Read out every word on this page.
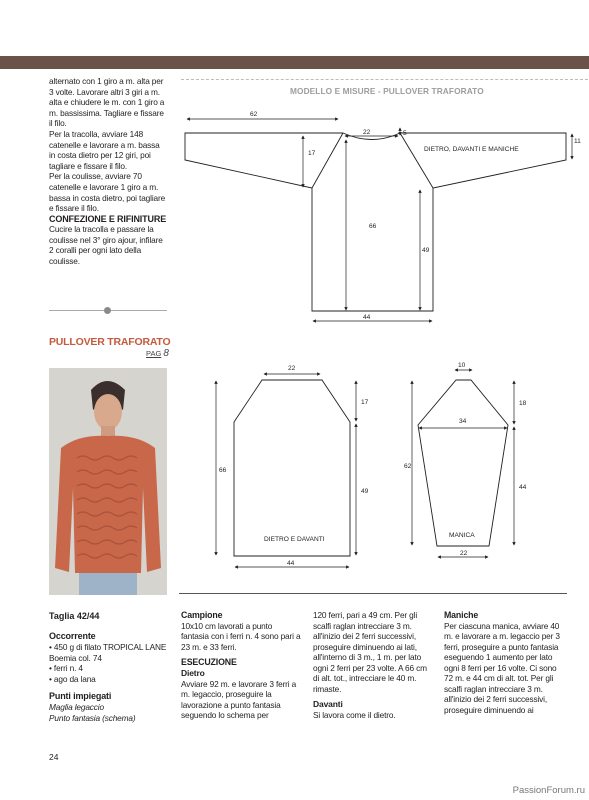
alternato con 1 giro a m. alta per 3 volte. Lavorare altri 3 giri a m. alta e chiudere le m. con 1 giro a m. bassissima. Tagliare e fissare il filo.

Per la tracolla, avviare 148 catenelle e lavorare a m. bassa in costa dietro per 12 giri, poi tagliare e fissare il filo.

Per la coulisse, avviare 70 catenelle e lavorare 1 giro a m. bassa in costa dietro, poi tagliare e fissare il filo.

CONFEZIONE E RIFINITURE

Cucire la tracolla e passare la coulisse nel 3° giro ajour, infilare 2 coralli per ogni lato della coulisse.

PULLOVER TRAFORATO
PAG 8
MODELLO E MISURE - PULLOVER TRAFORATO
62
22	5
11
17
66
49
44
DIETRO, DAVANTI E MANICHE
22
17
66
49
44
DIETRO E DAVANTI
10
34
18
44
62
MANICA
22
Taglia 42/44
Occorrente
• 450 g di filato TROPICAL LANE Boemia col. 74
• ferri n. 4
• ago da lana
Punti impiegati
Maglia legaccio
Punto fantasia (schema)
Campione
10x10 cm lavorati a punto fantasia con i ferri n. 4 sono pari a 23 m. e 33 ferri.
ESECUZIONE
Dietro
Avviare 92 m. e lavorare 3 ferri a m. legaccio, proseguire la lavorazione a punto fantasia seguendo lo schema per
120 ferri, pari a 49 cm. Per gli scalfi raglan intrecciare 3 m. all'inizio dei 2 ferri successivi, proseguire diminuendo ai lati, all'interno di 3 m., 1 m. per lato ogni 2 ferri per 23 volte. A 66 cm di alt. tot., intrecciare le 40 m. rimaste.
Davanti
Si lavora come il dietro.
Maniche
Per ciascuna manica, avviare 40 m. e lavorare a m. legaccio per 3 ferri, proseguire a punto fantasia eseguendo 1 aumento per lato ogni 8 ferri per 16 volte. Ci sono 72 m. e 44 cm di alt. tot. Per gli scalfi raglan intrecciare 3 m. all'inizio dei 2 ferri successivi, proseguire diminuendo ai
24
PassionForum.ru
